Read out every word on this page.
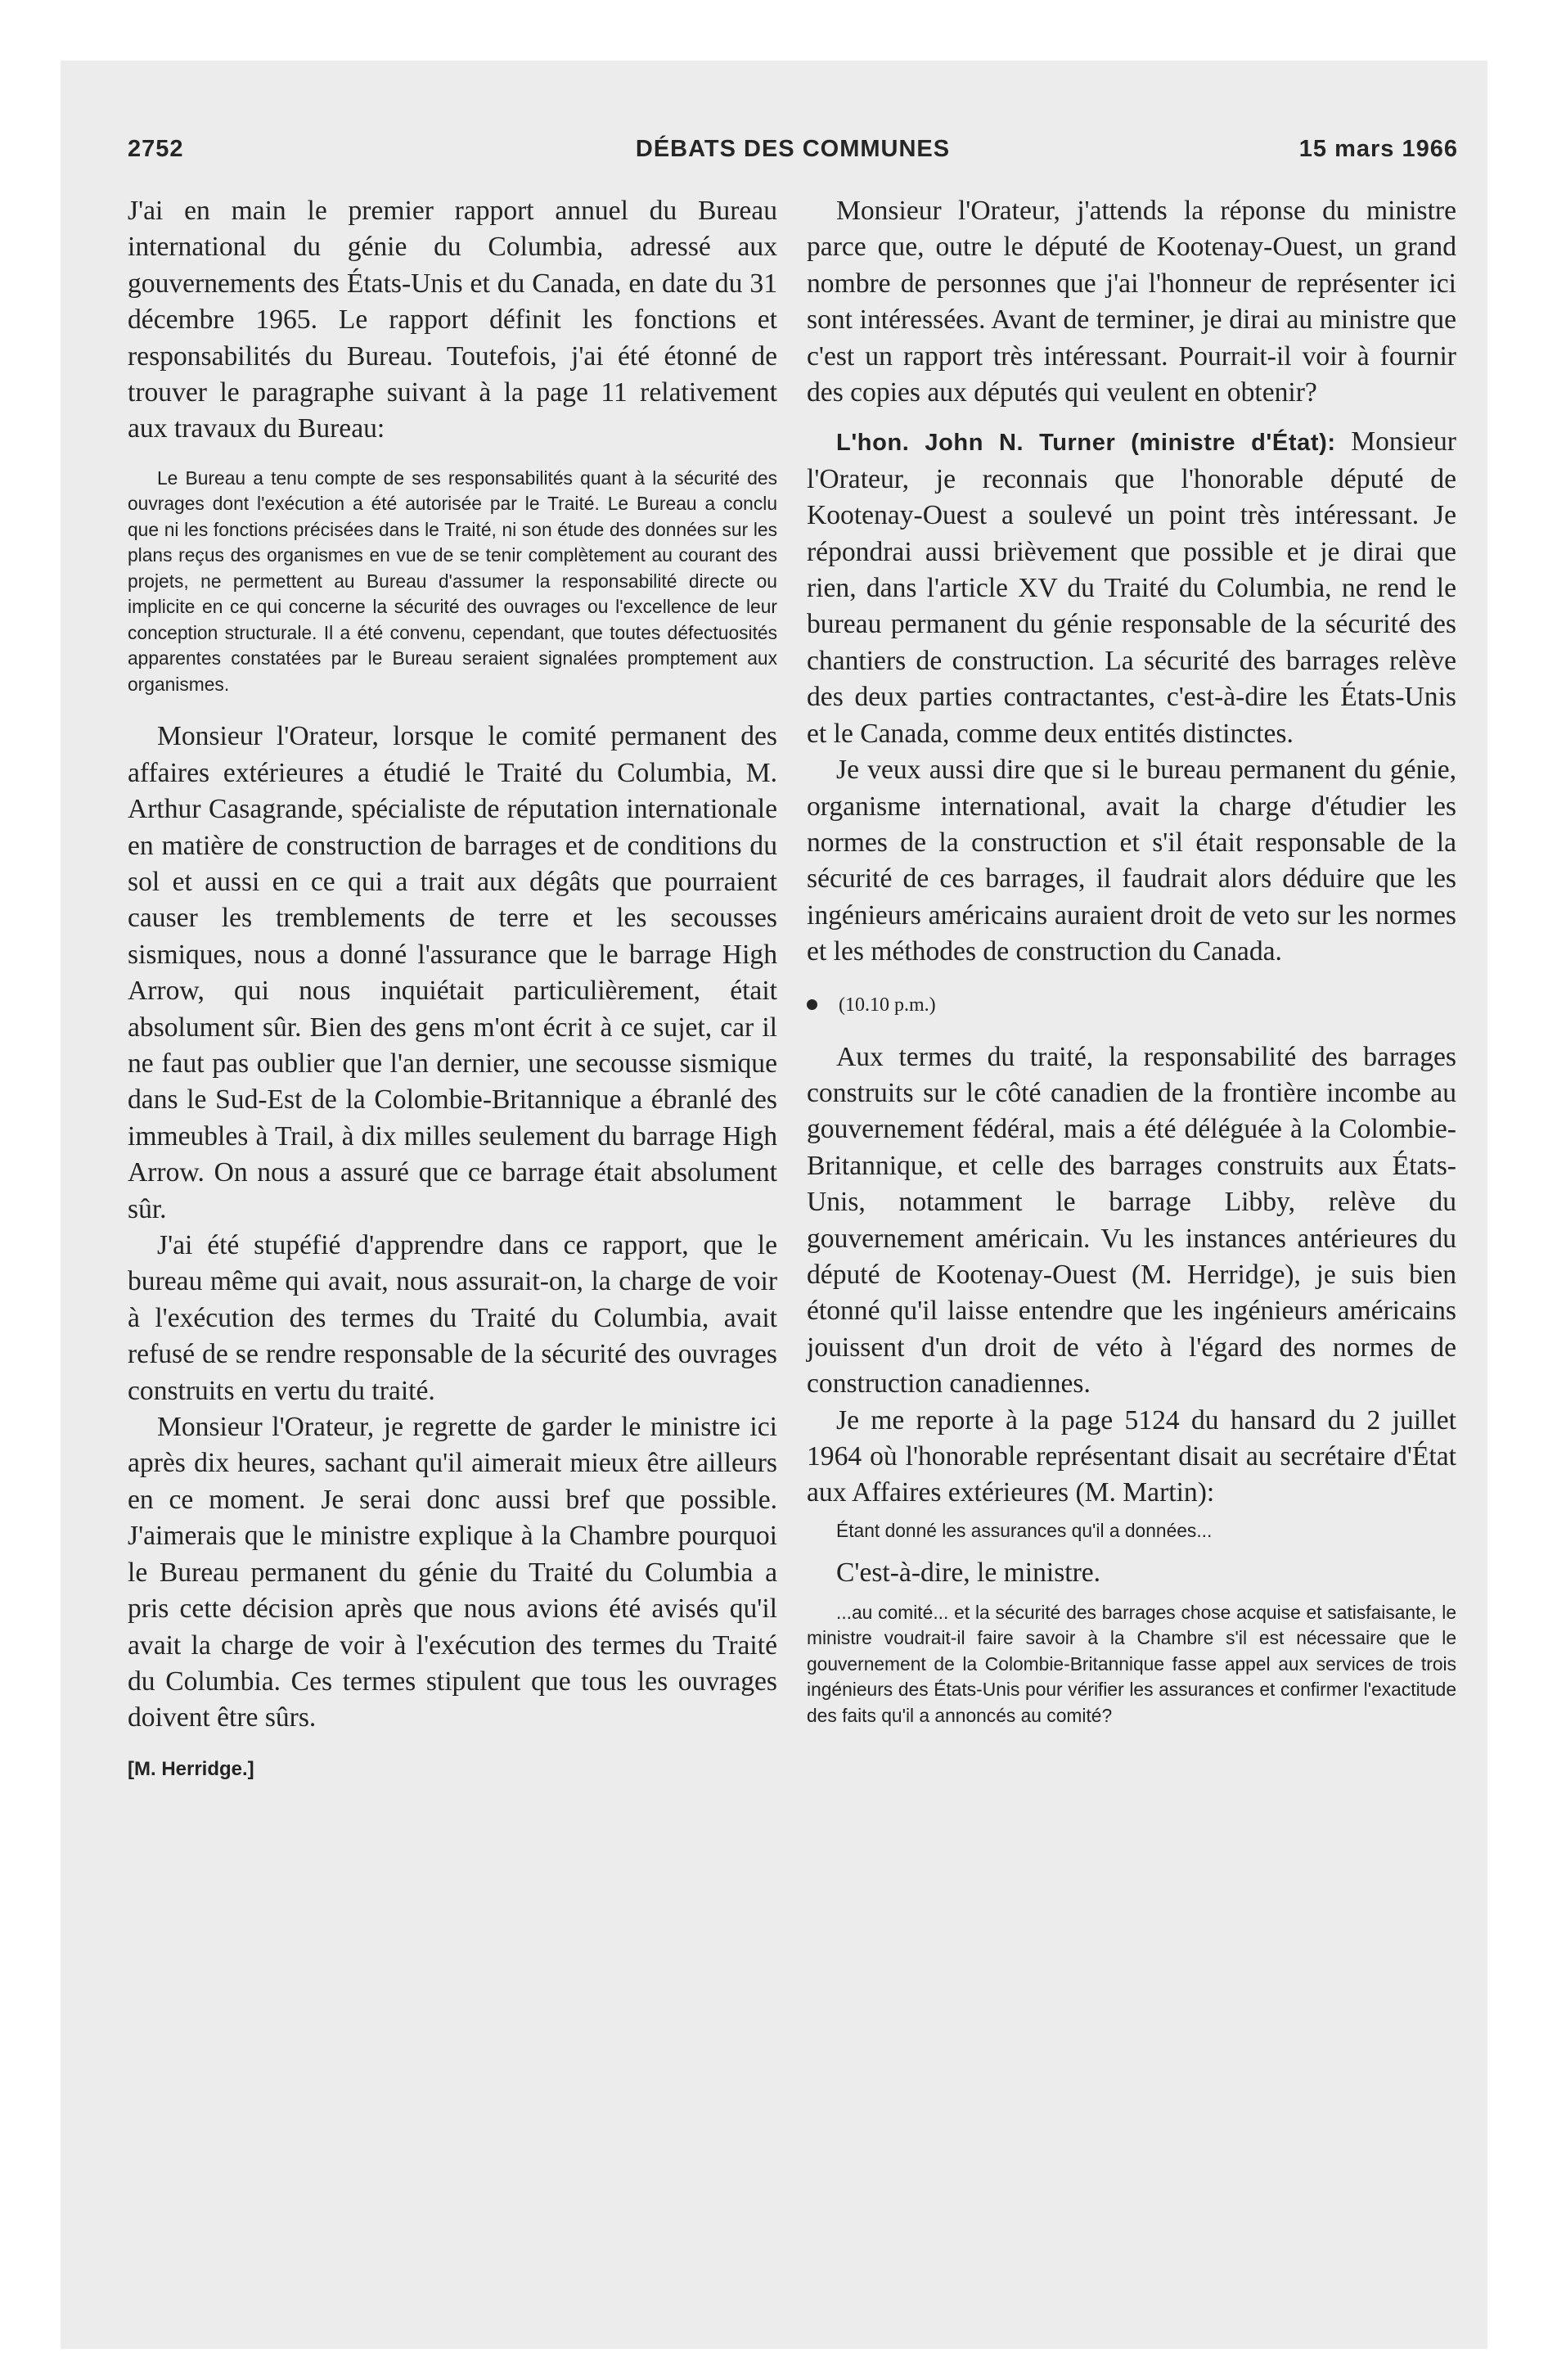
2752	DÉBATS DES COMMUNES	15 mars 1966

J'ai en main le premier rapport annuel du Bureau international du génie du Columbia, adressé aux gouvernements des États-Unis et du Canada, en date du 31 décembre 1965. Le rapport définit les fonctions et responsabilités du Bureau. Toutefois, j'ai été étonné de trouver le paragraphe suivant à la page 11 relativement aux travaux du Bureau:

Le Bureau a tenu compte de ses responsabilités quant à la sécurité des ouvrages dont l'exécution a été autorisée par le Traité. Le Bureau a conclu que ni les fonctions précisées dans le Traité, ni son étude des données sur les plans reçus des organismes en vue de se tenir complètement au courant des projets, ne permettent au Bureau d'assumer la responsabilité directe ou implicite en ce qui concerne la sécurité des ouvrages ou l'excellence de leur conception structurale. Il a été convenu, cependant, que toutes défectuosités apparentes constatées par le Bureau seraient signalées promptement aux organismes.

Monsieur l'Orateur, lorsque le comité permanent des affaires extérieures a étudié le Traité du Columbia, M. Arthur Casagrande, spécialiste de réputation internationale en matière de construction de barrages et de conditions du sol et aussi en ce qui a trait aux dégâts que pourraient causer les tremblements de terre et les secousses sismiques, nous a donné l'assurance que le barrage High Arrow, qui nous inquiétait particulièrement, était absolument sûr. Bien des gens m'ont écrit à ce sujet, car il ne faut pas oublier que l'an dernier, une secousse sismique dans le Sud-Est de la Colombie-Britannique a ébranlé des immeubles à Trail, à dix milles seulement du barrage High Arrow. On nous a assuré que ce barrage était absolument sûr.

J'ai été stupéfié d'apprendre dans ce rapport, que le bureau même qui avait, nous assurait-on, la charge de voir à l'exécution des termes du Traité du Columbia, avait refusé de se rendre responsable de la sécurité des ouvrages construits en vertu du traité.

Monsieur l'Orateur, je regrette de garder le ministre ici après dix heures, sachant qu'il aimerait mieux être ailleurs en ce moment. Je serai donc aussi bref que possible. J'aimerais que le ministre explique à la Chambre pourquoi le Bureau permanent du génie du Traité du Columbia a pris cette décision après que nous avions été avisés qu'il avait la charge de voir à l'exécution des termes du Traité du Columbia. Ces termes stipulent que tous les ouvrages doivent être sûrs.

[M. Herridge.]

Monsieur l'Orateur, j'attends la réponse du ministre parce que, outre le député de Kootenay-Ouest, un grand nombre de personnes que j'ai l'honneur de représenter ici sont intéressées. Avant de terminer, je dirai au ministre que c'est un rapport très intéressant. Pourrait-il voir à fournir des copies aux députés qui veulent en obtenir?

L'hon. John N. Turner (ministre d'État): Monsieur l'Orateur, je reconnais que l'honorable député de Kootenay-Ouest a soulevé un point très intéressant. Je répondrai aussi brièvement que possible et je dirai que rien, dans l'article XV du Traité du Columbia, ne rend le bureau permanent du génie responsable de la sécurité des chantiers de construction. La sécurité des barrages relève des deux parties contractantes, c'est-à-dire les États-Unis et le Canada, comme deux entités distinctes.

Je veux aussi dire que si le bureau permanent du génie, organisme international, avait la charge d'étudier les normes de la construction et s'il était responsable de la sécurité de ces barrages, il faudrait alors déduire que les ingénieurs américains auraient droit de veto sur les normes et les méthodes de construction du Canada.

(10.10 p.m.)

Aux termes du traité, la responsabilité des barrages construits sur le côté canadien de la frontière incombe au gouvernement fédéral, mais a été déléguée à la Colombie-Britannique, et celle des barrages construits aux États-Unis, notamment le barrage Libby, relève du gouvernement américain. Vu les instances antérieures du député de Kootenay-Ouest (M. Herridge), je suis bien étonné qu'il laisse entendre que les ingénieurs américains jouissent d'un droit de véto à l'égard des normes de construction canadiennes.

Je me reporte à la page 5124 du hansard du 2 juillet 1964 où l'honorable représentant disait au secrétaire d'État aux Affaires extérieures (M. Martin):

Étant donné les assurances qu'il a données...

C'est-à-dire, le ministre.

...au comité... et la sécurité des barrages chose acquise et satisfaisante, le ministre voudrait-il faire savoir à la Chambre s'il est nécessaire que le gouvernement de la Colombie-Britannique fasse appel aux services de trois ingénieurs des États-Unis pour vérifier les assurances et confirmer l'exactitude des faits qu'il a annoncés au comité?
